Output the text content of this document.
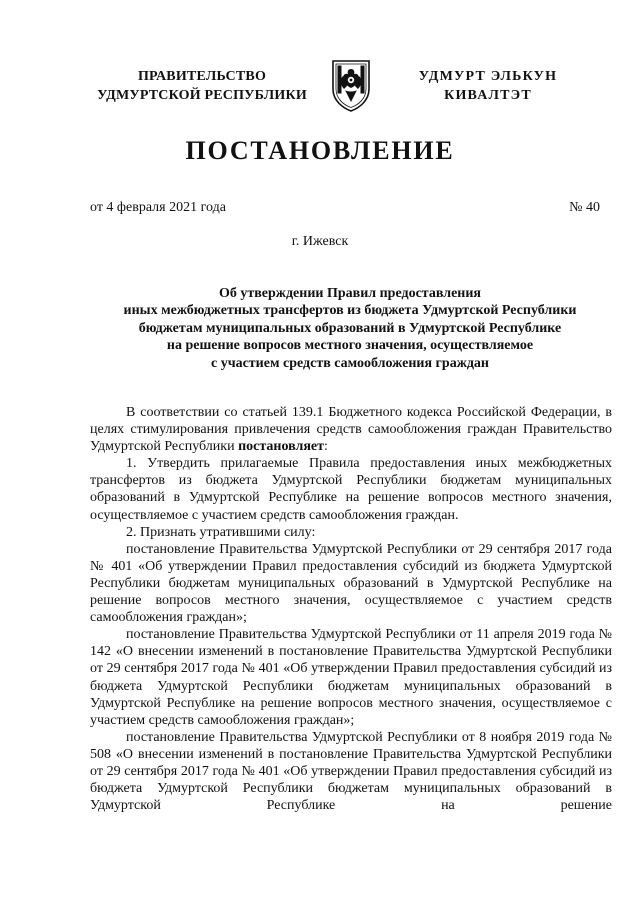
ПРАВИТЕЛЬСТВО
УДМУРТСКОЙ РЕСПУБЛИКИ
УДМУРТ ЭЛЬКУН
КИВАЛТЭТ
ПОСТАНОВЛЕНИЕ
от 4 февраля 2021 года	№ 40
г. Ижевск
Об утверждении Правил предоставления
иных межбюджетных трансфертов из бюджета Удмуртской Республики
бюджетам муниципальных образований в Удмуртской Республике
на решение вопросов местного значения, осуществляемое
с участием средств самообложения граждан

В соответствии со статьей 139.1 Бюджетного кодекса Российской Федерации, в целях стимулирования привлечения средств самообложения граждан Правительство Удмуртской Республики постановляет:

1. Утвердить прилагаемые Правила предоставления иных межбюджетных трансфертов из бюджета Удмуртской Республики бюджетам муниципальных образований в Удмуртской Республике на решение вопросов местного значения, осуществляемое с участием средств самообложения граждан.

2. Признать утратившими силу:

постановление Правительства Удмуртской Республики от 29 сентября 2017 года № 401 «Об утверждении Правил предоставления субсидий из бюджета Удмуртской Республики бюджетам муниципальных образований в Удмуртской Республике на решение вопросов местного значения, осуществляемое с участием средств самообложения граждан»;

постановление Правительства Удмуртской Республики от 11 апреля 2019 года № 142 «О внесении изменений в постановление Правительства Удмуртской Республики от 29 сентября 2017 года № 401 «Об утверждении Правил предоставления субсидий из бюджета Удмуртской Республики бюджетам муниципальных образований в Удмуртской Республике на решение вопросов местного значения, осуществляемое с участием средств самообложения граждан»;

постановление Правительства Удмуртской Республики от 8 ноября 2019 года № 508 «О внесении изменений в постановление Правительства Удмуртской Республики от 29 сентября 2017 года № 401 «Об утверждении Правил предоставления субсидий из бюджета Удмуртской Республики бюджетам муниципальных образований в Удмуртской Республике на решение
